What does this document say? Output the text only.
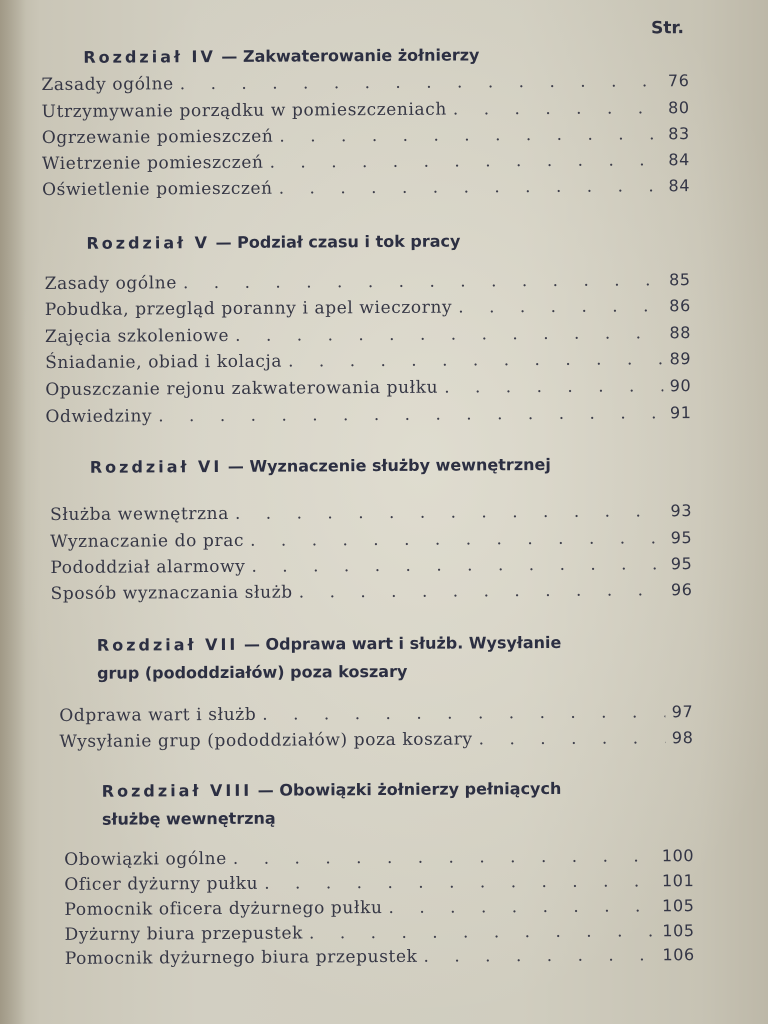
Str.
Rozdział IV — Zakwaterowanie żołnierzy
Zasady ogólne . . .	76
Utrzymywanie porządku w pomieszczeniach . . .	80
Ogrzewanie pomieszczeń . . .	83
Wietrzenie pomieszczeń . . .	84
Oświetlenie pomieszczeń . . .	84
Rozdział V — Podział czasu i tok pracy
Zasady ogólne . . .	85
Pobudka, przegląd poranny i apel wieczorny . . .	86
Zajęcia szkoleniowe . . .	88
Śniadanie, obiad i kolacja . . .	89
Opuszczanie rejonu zakwaterowania pułku . . .	90
Odwiedziny . . .	91
Rozdział VI — Wyznaczenie służby wewnętrznej
Służba wewnętrzna . . .	93
Wyznaczanie do prac . . .	95
Pododdział alarmowy . . .	95
Sposób wyznaczania służb . . .	96
Rozdział VII — Odprawa wart i służb. Wysyłanie
grup (pododdziałów) poza koszary
Odprawa wart i służb . . .	97
Wysyłanie grup (pododdziałów) poza koszary . . .	98
Rozdział VIII — Obowiązki żołnierzy pełniących
służbę wewnętrzną
Obowiązki ogólne . . .	100
Oficer dyżurny pułku . . .	101
Pomocnik oficera dyżurnego pułku . . .	105
Dyżurny biura przepustek . . .	105
Pomocnik dyżurnego biura przepustek . . .	106
